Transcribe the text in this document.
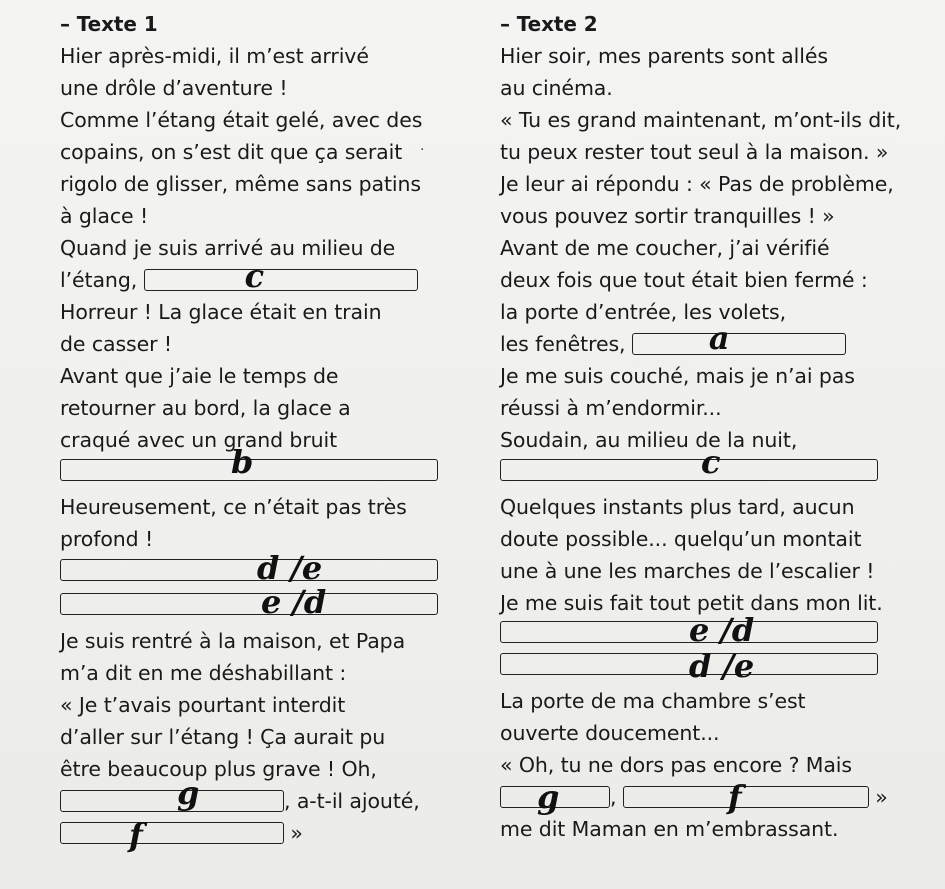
– Texte 1
Hier après-midi, il m’est arrivé
une drôle d’aventure !
Comme l’étang était gelé, avec des
copains, on s’est dit que ça serait .
rigolo de glisser, même sans patins
à glace !
Quand je suis arrivé au milieu de
l’étang,	c
Horreur ! La glace était en train
de casser !
Avant que j’aie le temps de
retourner au bord, la glace a
craqué avec un grand bruit
b
Heureusement, ce n’était pas très
profond !
d /e
e /d
Je suis rentré à la maison, et Papa
m’a dit en me déshabillant :
« Je t’avais pourtant interdit
d’aller sur l’étang ! Ça aurait pu
être beaucoup plus grave ! Oh,
g	, a-t-il ajouté,
f	»
– Texte 2
Hier soir, mes parents sont allés
au cinéma.
« Tu es grand maintenant, m’ont-ils dit,
tu peux rester tout seul à la maison. »
Je leur ai répondu : « Pas de problème,
vous pouvez sortir tranquilles ! »
Avant de me coucher, j’ai vérifié
deux fois que tout était bien fermé :
la porte d’entrée, les volets,
les fenêtres,	a
Je me suis couché, mais je n’ai pas
réussi à m’endormir...
Soudain, au milieu de la nuit,
c
Quelques instants plus tard, aucun
doute possible... quelqu’un montait
une à une les marches de l’escalier !
Je me suis fait tout petit dans mon lit.
e /d
d /e
La porte de ma chambre s’est
ouverte doucement...
« Oh, tu ne dors pas encore ? Mais
g ,	f	»
me dit Maman en m’embrassant.
